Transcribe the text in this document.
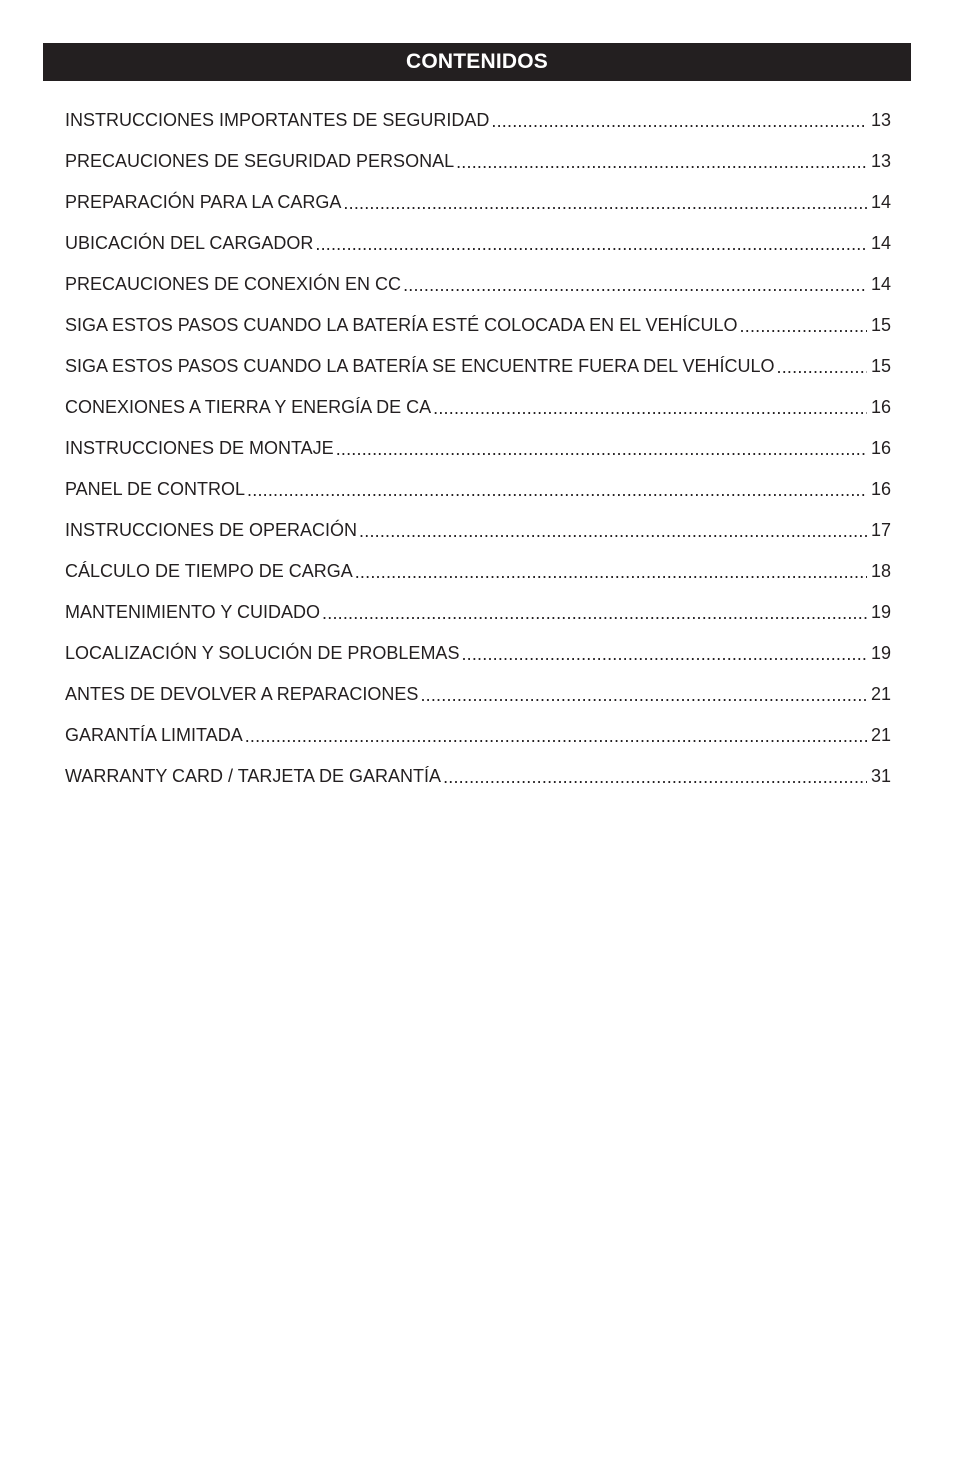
CONTENIDOS
INSTRUCCIONES IMPORTANTES DE SEGURIDAD .....	13
PRECAUCIONES DE SEGURIDAD PERSONAL .....	13
PREPARACIÓN PARA LA CARGA .....	14
UBICACIÓN DEL CARGADOR .....	14
PRECAUCIONES DE CONEXIÓN EN CC .....	14
SIGA ESTOS PASOS CUANDO LA BATERÍA ESTÉ COLOCADA EN EL VEHÍCULO .....	15
SIGA ESTOS PASOS CUANDO LA BATERÍA SE ENCUENTRE FUERA DEL VEHÍCULO .....	15
CONEXIONES A TIERRA Y ENERGÍA DE CA .....	16
INSTRUCCIONES DE MONTAJE .....	16
PANEL DE CONTROL .....	16
INSTRUCCIONES DE OPERACIÓN .....	17
CÁLCULO DE TIEMPO DE CARGA .....	18
MANTENIMIENTO Y CUIDADO .....	19
LOCALIZACIÓN Y SOLUCIÓN DE PROBLEMAS .....	19
ANTES DE DEVOLVER A REPARACIONES .....	21
GARANTÍA LIMITADA .....	21
WARRANTY CARD / TARJETA DE GARANTÍA .....	31
